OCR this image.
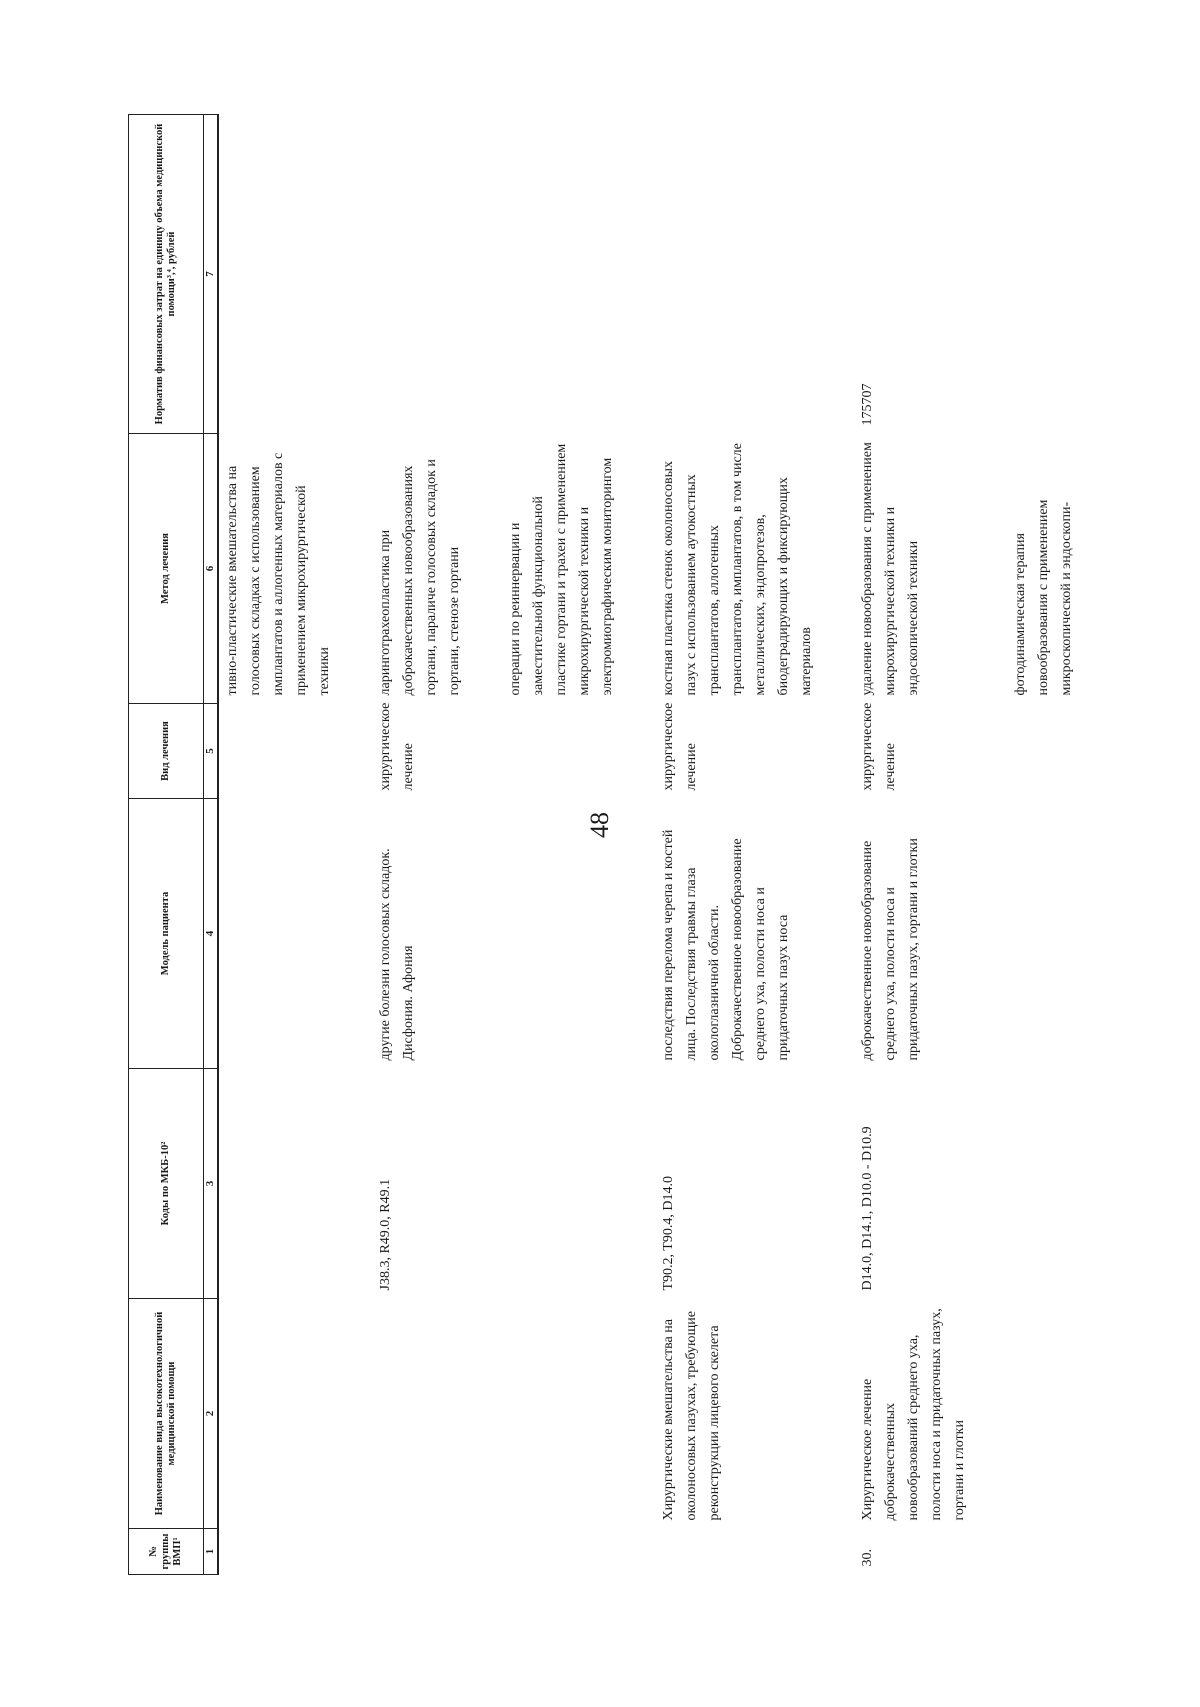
48
№ группы ВМП¹	Наименование вида высокотехнологичной медицинской помощи	Коды по МКБ-10²	Модель пациента	Вид лечения	Метод лечения	Норматив финансовых затрат на единицу объема медицинской помощи³,⁴, рублей
1	2	3	4	5	6	7
					тивно-пластические вмешательства на голосовых складках с использованием имплантатов и аллогенных материалов с применением микрохирургической техники	

		J38.3, R49.0, R49.1	другие болезни голосовых складок. Дисфония. Афония	хирургическое лечение	ларинготрахеопластика при доброкачественных новообразованиях гортани, параличе голосовых складок и гортани, стенозе гортани	

					операции по реиннервации и заместительной функциональной пластике гортани и трахеи с применением микрохирургической техники и электромиографическим мониторингом	

	Хирургические вмешательства на околоносовых пазухах, требующие реконструкции лицевого скелета	T90.2, T90.4, D14.0	последствия перелома черепа и костей лица. Последствия травмы глаза окологлазничной области. Доброкачественное новообразование среднего уха, полости носа и придаточных пазух носа	хирургическое лечение	костная пластика стенок околоносовых пазух с использованием аутокостных трансплантатов, аллогенных трансплантатов, имплантатов, в том числе металлических, эндопротезов, биодеградирующих и фиксирующих материалов	

30.	Хирургическое лечение доброкачественных новообразований среднего уха, полости носа и придаточных пазух, гортани и глотки	D14.0, D14.1, D10.0 - D10.9	доброкачественное новообразование среднего уха, полости носа и придаточных пазух, гортани и глотки	хирургическое лечение	удаление новообразования с применением микрохирургической техники и эндоскопической техники	175707

					фотодинамическая терапия новообразования с применением микроскопической и эндоскопи-	
